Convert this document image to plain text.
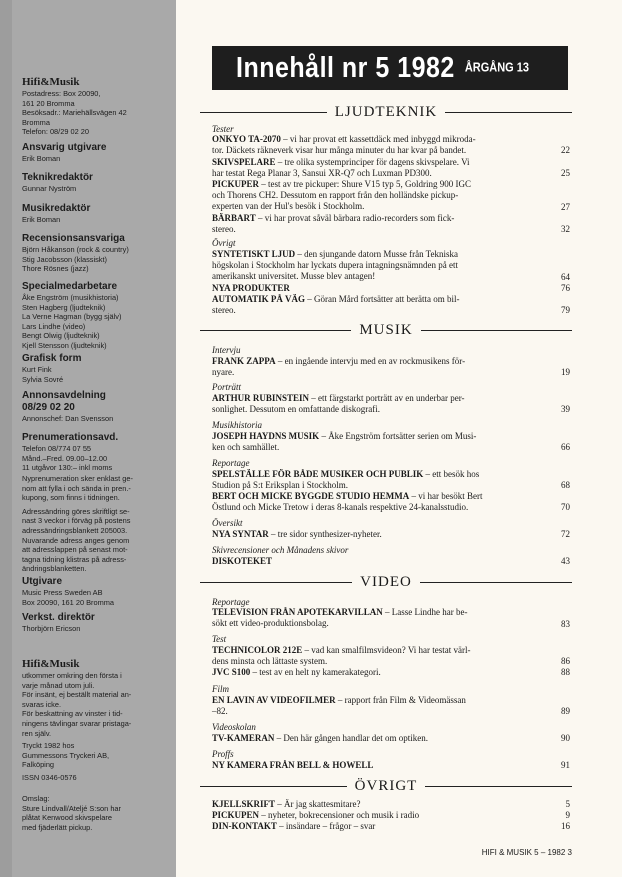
Hifi&Musik
Postadress: Box 20090,
161 20 Bromma
Besöksadr.: Mariehällsvägen 42
Bromma
Telefon: 08/29 02 20
Ansvarig utgivare
Erik Boman
Teknikredaktör
Gunnar Nyström
Musikredaktör
Erik Boman
Recensionsansvariga
Björn Håkanson (rock & country)
Stig Jacobsson (klassiskt)
Thore Rösnes (jazz)
Specialmedarbetare
Åke Engström (musikhistoria)
Sten Hagberg (ljudteknik)
La Verne Hagman (bygg själv)
Lars Lindhe (video)
Bengt Olwig (ljudteknik)
Kjell Stensson (ljudteknik)
Grafisk form
Kurt Fink
Sylvia Sovré
Annonsavdelning
08/29 02 20
Annonschef: Dan Svensson
Prenumerationsavd.
Telefon 08/774 07 55
Månd.–Fred. 09.00–12.00
11 utgåvor 130:– inkl moms
Nyprenumeration sker enklast ge-
nom att fylla i och sända in pren.-
kupong, som finns i tidningen.
Adressändring göres skriftligt se-
nast 3 veckor i förväg på postens
adressändringsblankett 205003.
Nuvarande adress anges genom
att adresslappen på senast mot-
tagna tidning klistras på adress-
ändringsblanketten.
Utgivare
Music Press Sweden AB
Box 20090, 161 20 Bromma
Verkst. direktör
Thorbjörn Ericson
Hifi&Musik
utkommer omkring den första i
varje månad utom juli.
För insänt, ej beställt material an-
svaras icke.
För beskattning av vinster i tid-
ningens tävlingar svarar pristaga-
ren själv.
Tryckt 1982 hos
Gummessons Tryckeri AB,
Falköping
ISSN 0346-0576
Omslag:
Sture Lindvall/Ateljé S:son har
plåtat Kenwood skivspelare
med fjäderlätt pickup.
Innehåll nr 5 1982 ÅRGÅNG 13
LJUDTEKNIK
Tester
ONKYO TA-2070 – vi har provat ett kassettdäck med inbyggd mikroda-
tor. Däckets räkneverk visar hur många minuter du har kvar på bandet.	22
SKIVSPELARE – tre olika systemprinciper för dagens skivspelare. Vi
har testat Rega Planar 3, Sansui XR-Q7 och Luxman PD300.	25
PICKUPER – test av tre pickuper: Shure V15 typ 5, Goldring 900 IGC
och Thorens CH2. Dessutom en rapport från den holländske pickup-
experten van der Hul's besök i Stockholm.	27
BÄRBART – vi har provat såväl bärbara radio-recorders som fick-
stereo.	32
Övrigt
SYNTETISKT LJUD – den sjungande datorn Musse från Tekniska
högskolan i Stockholm har lyckats dupera intagningsnämnden på ett
amerikanskt universitet. Musse blev antagen!	64
NYA PRODUKTER	76
AUTOMATIK PÅ VÄG – Göran Mård fortsätter att berätta om bil-
stereo.	79
MUSIK
Intervju
FRANK ZAPPA – en ingående intervju med en av rockmusikens för-
nyare.	19
Porträtt
ARTHUR RUBINSTEIN – ett färgstarkt porträtt av en underbar per-
sonlighet. Dessutom en omfattande diskografi.	39
Musikhistoria
JOSEPH HAYDNS MUSIK – Åke Engström fortsätter serien om Musi-
ken och samhället.	66
Reportage
SPELSTÄLLE FÖR BÅDE MUSIKER OCH PUBLIK – ett besök hos
Studion på S:t Eriksplan i Stockholm.	68
BERT OCH MICKE BYGGDE STUDIO HEMMA – vi har besökt Bert
Östlund och Micke Tretow i deras 8-kanals respektive 24-kanalsstudio.	70
Översikt
NYA SYNTAR – tre sidor synthesizer-nyheter.	72
Skivrecensioner och Månadens skivor
DISKOTEKET	43
VIDEO
Reportage
TELEVISION FRÅN APOTEKARVILLAN – Lasse Lindhe har be-
sökt ett video-produktionsbolag.	83
Test
TECHNICOLOR 212E – vad kan smalfilmsvideon? Vi har testat värl-
dens minsta och lättaste system.	86
JVC S100 – test av en helt ny kamerakategori.	88
Film
EN LAVIN AV VIDEOFILMER – rapport från Film & Videomässan
–82.	89
Videoskolan
TV-KAMERAN – Den här gången handlar det om optiken.	90
Proffs
NY KAMERA FRÅN BELL & HOWELL	91
ÖVRIGT
KJELLSKRIFT – Är jag skattesmitare?	5
PICKUPEN – nyheter, bokrecensioner och musik i radio	9
DIN-KONTAKT – insändare – frågor – svar	16
HIFI & MUSIK 5 – 1982 3
